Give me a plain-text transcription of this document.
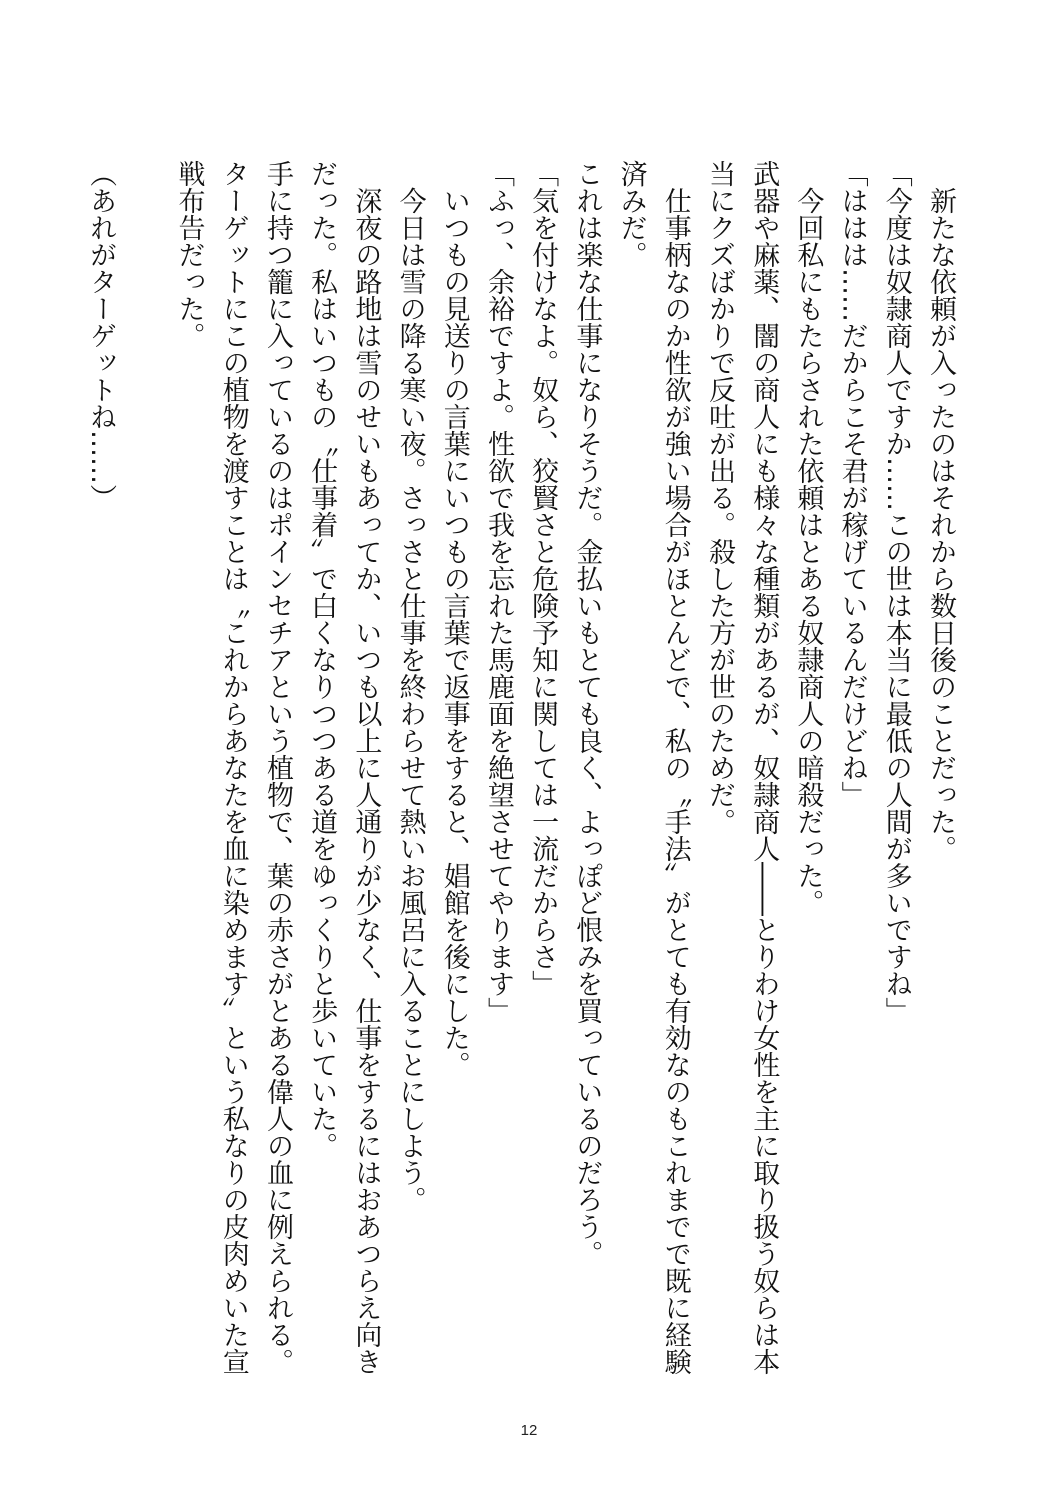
　新たな依頼が入ったのはそれから数日後のことだった。
「今度は奴隷商人ですか……この世は本当に最低の人間が多いですね」
「ははは……だからこそ君が稼げているんだけどね」
　今回私にもたらされた依頼はとある奴隷商人の暗殺だった。
武器や麻薬、闇の商人にも様々な種類があるが、奴隷商人――とりわけ女性を主に取り扱う奴らは本
当にクズばかりで反吐が出る。殺した方が世のためだ。
　仕事柄なのか性欲が強い場合がほとんどで、私の〝手法〟がとても有効なのもこれまでで既に経験
済みだ。
これは楽な仕事になりそうだ。金払いもとても良く、よっぽど恨みを買っているのだろう。
「気を付けなよ。奴ら、狡賢さと危険予知に関しては一流だからさ」
「ふっ、余裕ですよ。性欲で我を忘れた馬鹿面を絶望させてやります」
　いつもの見送りの言葉にいつもの言葉で返事をすると、娼館を後にした。
　今日は雪の降る寒い夜。さっさと仕事を終わらせて熱いお風呂に入ることにしよう。
　深夜の路地は雪のせいもあってか、いつも以上に人通りが少なく、仕事をするにはおあつらえ向き
だった。私はいつもの〝仕事着〟で白くなりつつある道をゆっくりと歩いていた。
手に持つ籠に入っているのはポインセチアという植物で、葉の赤さがとある偉人の血に例えられる。
ターゲットにこの植物を渡すことは〝これからあなたを血に染めます〟という私なりの皮肉めいた宣
戦布告だった。
（あれがターゲットね……）
12
